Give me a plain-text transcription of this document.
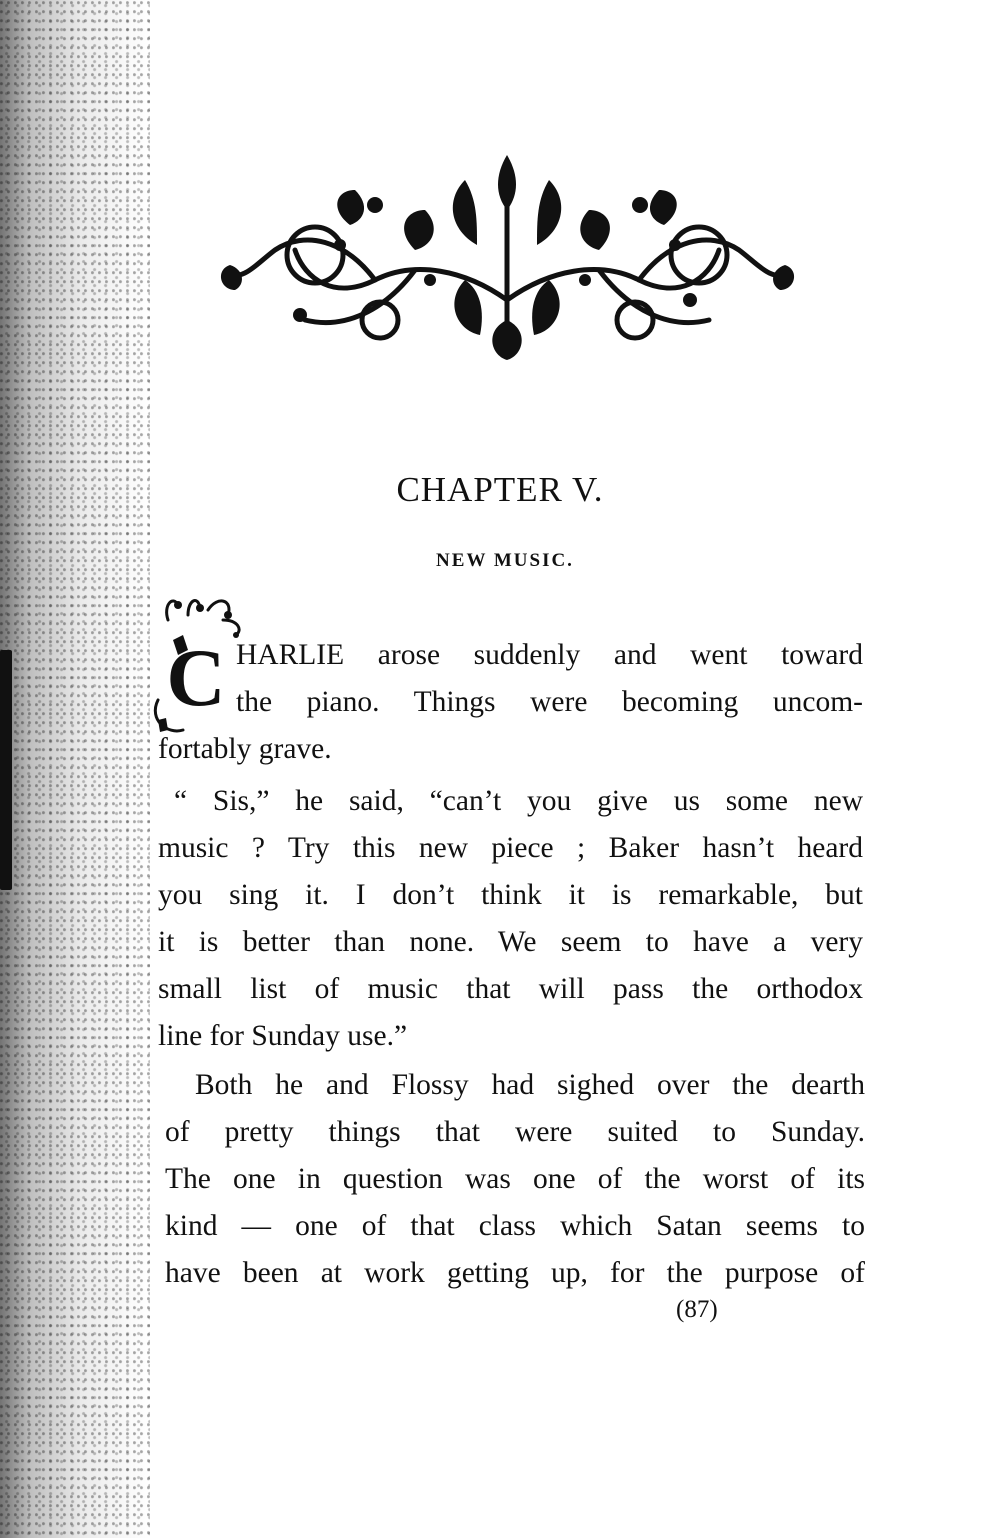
CHAPTER V.
NEW MUSIC.
C HARLIE arose suddenly and went toward
the piano. Things were becoming uncom-
fortably grave.
“ Sis,” he said, “can’t you give us some new
music ? Try this new piece ; Baker hasn’t heard
you sing it. I don’t think it is remarkable, but
it is better than none. We seem to have a very
small list of music that will pass the orthodox
line for Sunday use.”
Both he and Flossy had sighed over the dearth
of pretty things that were suited to Sunday.
The one in question was one of the worst of its
kind — one of that class which Satan seems to
have been at work getting up, for the purpose of
(87)
